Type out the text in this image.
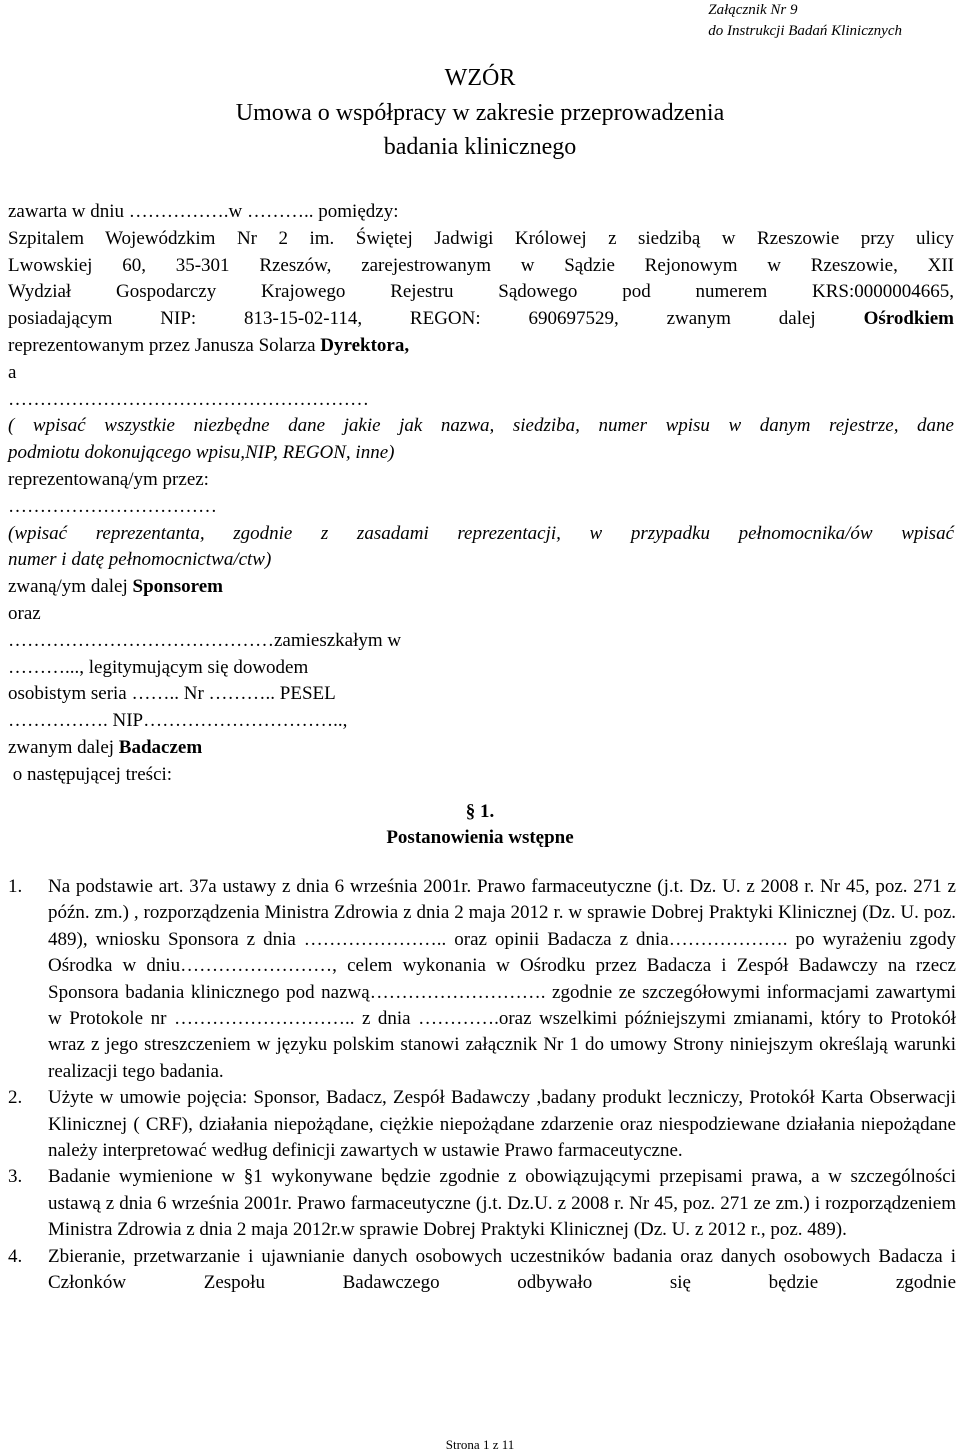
Załącznik Nr 9
do Instrukcji Badań Klinicznych
WZÓR
Umowa o współpracy w zakresie przeprowadzenia
badania klinicznego

zawarta w dniu …………….w ……….. pomiędzy:

Szpitalem Wojewódzkim Nr 2 im. Świętej Jadwigi Królowej z siedzibą w Rzeszowie przy ulicy

Lwowskiej 60, 35-301 Rzeszów, zarejestrowanym w Sądzie Rejonowym w Rzeszowie, XII

Wydział Gospodarczy Krajowego Rejestru Sądowego pod numerem KRS:0000004665,

posiadającym NIP: 813-15-02-114, REGON: 690697529, zwanym dalej	Ośrodkiem

reprezentowanym przez Janusza Solarza Dyrektora,

a

…………………………………………………

( wpisać wszystkie niezbędne dane jakie jak nazwa, siedziba, numer wpisu w danym rejestrze, dane

podmiotu dokonującego wpisu,NIP, REGON, inne)

reprezentowaną/ym przez:

……………………………

(wpisać reprezentanta, zgodnie z zasadami reprezentacji, w przypadku pełnomocnika/ów wpisać

numer i datę pełnomocnictwa/ctw)

zwaną/ym dalej Sponsorem

oraz

……………………………………zamieszkałym w

………..., legitymującym się dowodem

osobistym seria …….. Nr ……….. PESEL

……………. NIP…………………………..,

zwanym dalej Badaczem

o następującej treści:

§ 1.
Postanowienia wstępne
1. Na podstawie art. 37a ustawy z dnia 6 września 2001r. Prawo farmaceutyczne (j.t. Dz. U. z 2008 r. Nr 45, poz. 271 z późn. zm.) , rozporządzenia Ministra Zdrowia z dnia 2 maja 2012 r. w sprawie Dobrej Praktyki Klinicznej (Dz. U. poz. 489), wniosku Sponsora z dnia ………………….. oraz opinii Badacza z dnia………………. po wyrażeniu zgody Ośrodka w dniu……………………, celem wykonania w Ośrodku przez Badacza i Zespół Badawczy na rzecz Sponsora badania klinicznego pod nazwą………………………. zgodnie ze szczegółowymi informacjami zawartymi w Protokole nr ……………………….. z dnia ………….oraz wszelkimi późniejszymi zmianami, który to Protokół wraz z jego streszczeniem w języku polskim stanowi załącznik Nr 1 do umowy Strony niniejszym określają warunki realizacji tego badania.
2. Użyte w umowie pojęcia: Sponsor, Badacz, Zespół Badawczy ,badany produkt leczniczy, Protokół Karta Obserwacji Klinicznej ( CRF), działania niepożądane, ciężkie niepożądane zdarzenie oraz niespodziewane działania niepożądane należy interpretować według definicji zawartych w ustawie Prawo farmaceutyczne.
3. Badanie wymienione w §1 wykonywane będzie zgodnie z obowiązującymi przepisami prawa, a w szczególności ustawą z dnia 6 września 2001r. Prawo farmaceutyczne (j.t. Dz.U. z 2008 r. Nr 45, poz. 271 ze zm.) i rozporządzeniem Ministra Zdrowia z dnia 2 maja 2012r.w sprawie Dobrej Praktyki Klinicznej (Dz. U. z 2012 r., poz. 489).
4. Zbieranie, przetwarzanie i ujawnianie danych osobowych uczestników badania oraz danych osobowych Badacza i Członków Zespołu Badawczego odbywało się będzie zgodnie
Strona 1 z 11
